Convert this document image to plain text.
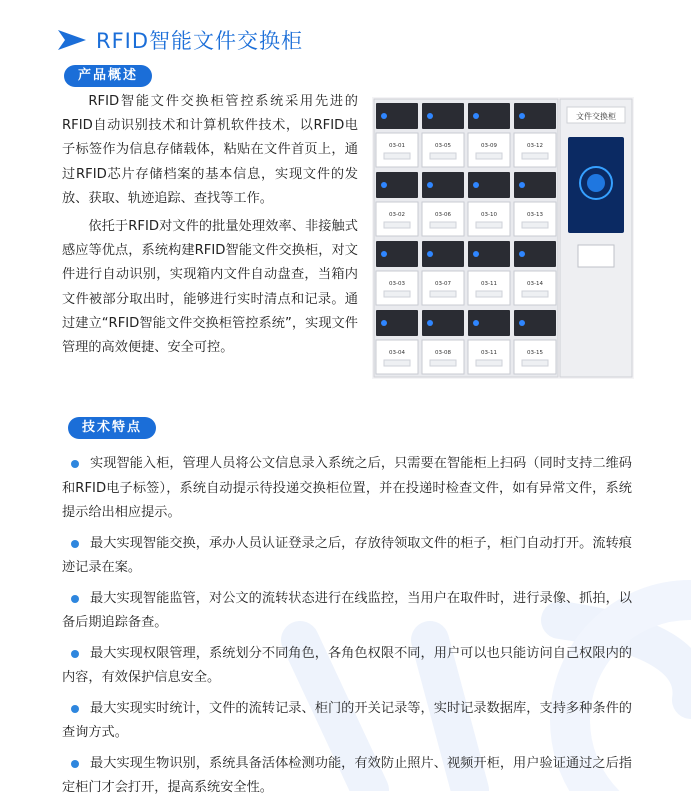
RFID智能文件交换柜
产品概述

RFID智能文件交换柜管控系统采用先进的RFID自动识别技术和计算机软件技术，以RFID电子标签作为信息存储载体，粘贴在文件首页上，通过RFID芯片存储档案的基本信息，实现文件的发放、获取、轨迹追踪、查找等工作。

依托于RFID对文件的批量处理效率、非接触式感应等优点，系统构建RFID智能文件交换柜，对文件进行自动识别，实现箱内文件自动盘查，当箱内文件被部分取出时，能够进行实时清点和记录。通过建立“RFID智能文件交换柜管控系统”，实现文件管理的高效便捷、安全可控。

文件交换柜
03-01	03-05	03-09	03-12
03-02	03-06	03-10	03-13
03-03	03-07	03-11	03-14
03-04	03-08	03-11	03-15
技术特点
实现智能入柜，管理人员将公文信息录入系统之后，只需要在智能柜上扫码（同时支持二维码和RFID电子标签），系统自动提示待投递交换柜位置，并在投递时检查文件，如有异常文件，系统提示给出相应提示。
最大实现智能交换，承办人员认证登录之后，存放待领取文件的柜子，柜门自动打开。流转痕迹记录在案。
最大实现智能监管，对公文的流转状态进行在线监控，当用户在取件时，进行录像、抓拍，以备后期追踪备查。
最大实现权限管理，系统划分不同角色，各角色权限不同，用户可以也只能访问自己权限内的内容，有效保护信息安全。
最大实现实时统计，文件的流转记录、柜门的开关记录等，实时记录数据库，支持多种条件的查询方式。
最大实现生物识别，系统具备活体检测功能，有效防止照片、视频开柜，用户验证通过之后指定柜门才会打开，提高系统安全性。
